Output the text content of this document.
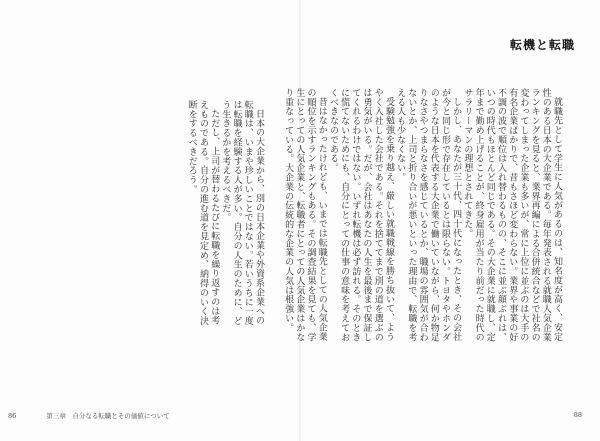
転機と転職

就職先として学生に人気があるのは、知名度が高く、安定性のある日本の大企業である。毎年発表される就職人気企業ランキングを見ると、業界再編による合併統合などで社名の変わってしまった企業も多いが、常に上位に並ぶのは大手の有名企業ばかりで、昔もさほど変わらない。業界や事業の好不調の波で順位は入れ替わるものの、そこに並ぶ顔ぶれは、いつの時代もほとんど同じである。その大企業に就職し、定年まで勤め上げることが、終身雇用が当たり前だった時代のサラリーマンの理想とされてきた。

しかし、あなたが三十代、四十代になったとき、その会社が今と同じ形で存在しているとは限らない。トヨタやホンダのような日本を代表する大企業で働いていながら、何か物足りなさやつまらなさを感じているとか、職場の雰囲気が合わないとか、上司と折り合いが悪いといった理由で、転職を考える人も少なくない。

受験勉強を乗り越え、厳しい就職戦線を勝ち抜いて、ようやく入社した会社である。それを捨ててまで別の道を選ぶのは勇気がいる。だが、会社はあなたの人生を最後まで保証してくれるわけではない。いずれ転機は必ず訪れる。そのときに慌てないためにも、自分にとっての仕事の意味を考えておくべきなのである。

昔はなかったけれども、いまでは転職先としての人気企業の順位を示すランキングもある。その調査結果を見ても、学生にとっての人気企業と、転職者にとっての人気企業はかなり重なっている。大企業の伝統的な企業の人気は根強い。

日本の大企業から、別の日本企業や外資系企業への転職は、いまや珍しいことではない。若いうちに一度は転職を経験する人が多い。自分の人生のために、どう生きるかを考えるべきだ。

ただし、上司が替わるたびに転職を繰り返すのは考えものである。自分の進む道を見定め、納得のいく決断をするべきだろう。

86	第三章　自分なる転職とその価値について	88
